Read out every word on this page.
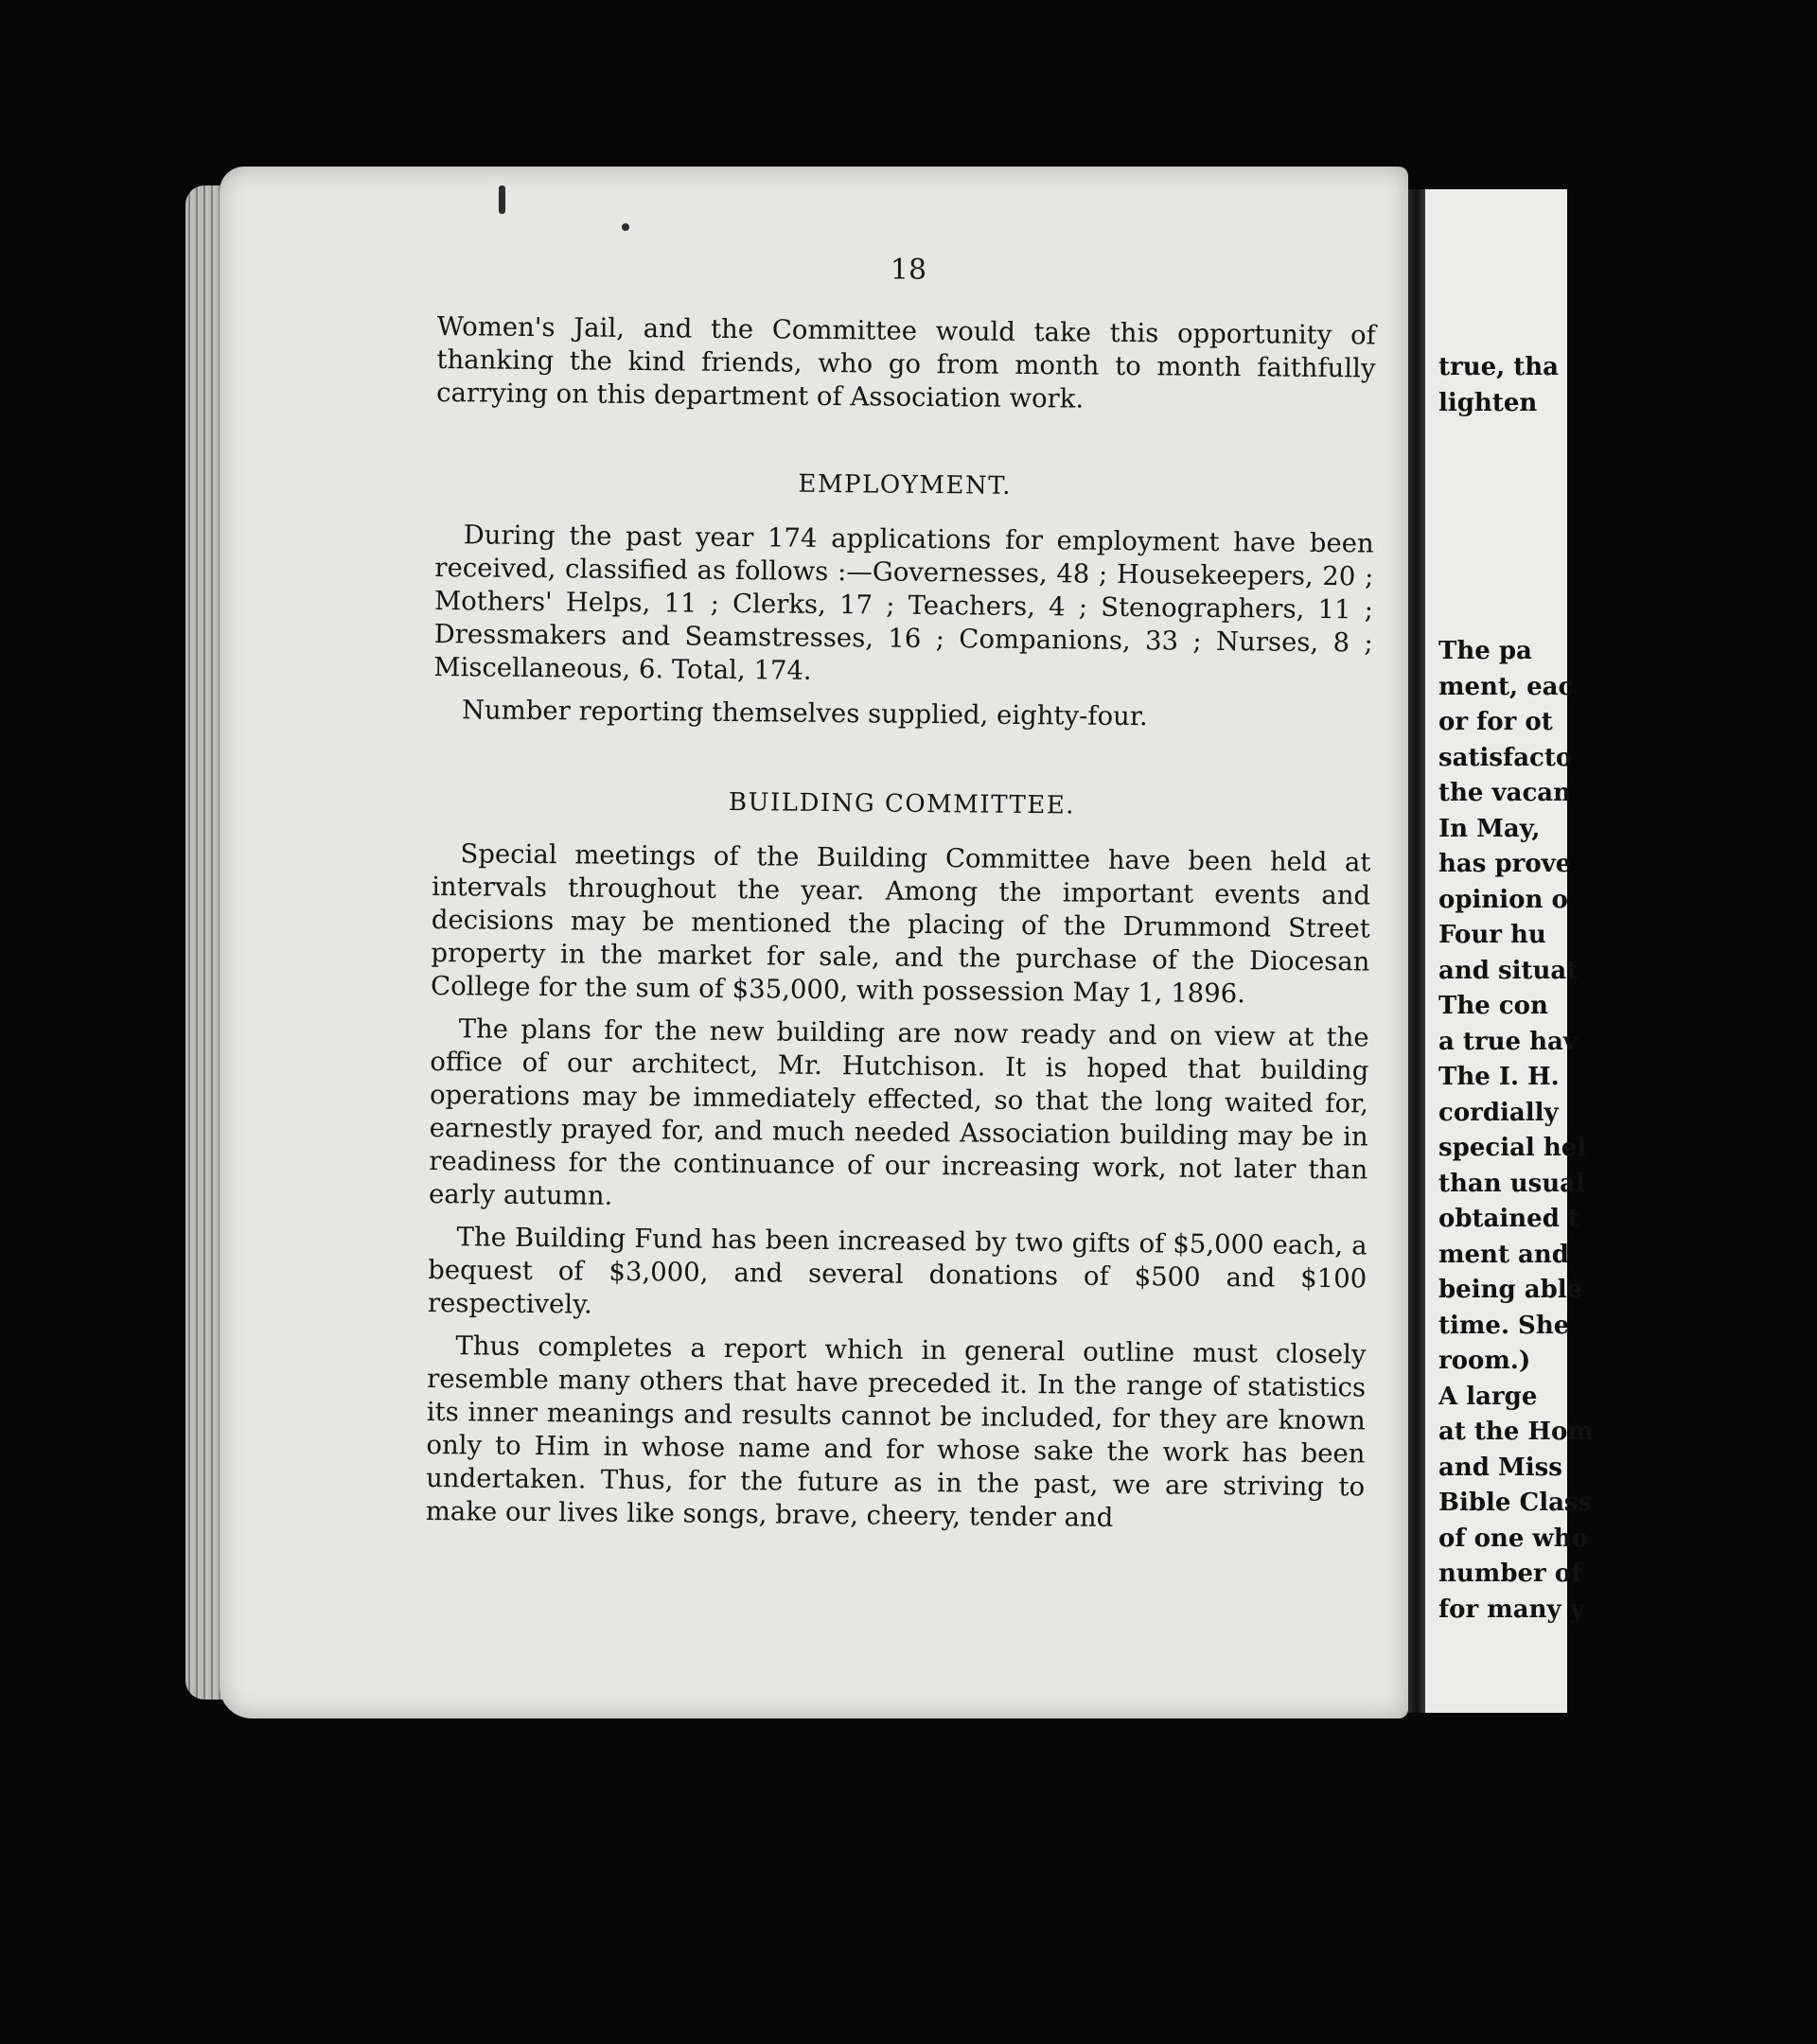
18

Women's Jail, and the Committee would take this opportunity of thanking the kind friends, who go from month to month faithfully carrying on this department of Association work.

EMPLOYMENT.

During the past year 174 applications for employment have been received, classified as follows :—Governesses, 48 ; Housekeepers, 20 ; Mothers' Helps, 11 ; Clerks, 17 ; Teachers, 4 ; Stenographers, 11 ; Dressmakers and Seamstresses, 16 ; Companions, 33 ; Nurses, 8 ; Miscellaneous, 6. Total, 174.

Number reporting themselves supplied, eighty-four.

BUILDING COMMITTEE.

Special meetings of the Building Committee have been held at intervals throughout the year. Among the important events and decisions may be mentioned the placing of the Drummond Street property in the market for sale, and the purchase of the Diocesan College for the sum of $35,000, with possession May 1, 1896.

The plans for the new building are now ready and on view at the office of our architect, Mr. Hutchison. It is hoped that building operations may be immediately effected, so that the long waited for, earnestly prayed for, and much needed Association building may be in readiness for the continuance of our increasing work, not later than early autumn.

The Building Fund has been increased by two gifts of $5,000 each, a bequest of $3,000, and several donations of $500 and $100 respectively.

Thus completes a report which in general outline must closely resemble many others that have preceded it. In the range of statistics its inner meanings and results cannot be included, for they are known only to Him in whose name and for whose sake the work has been undertaken. Thus, for the future as in the past, we are striving to make our lives like songs, brave, cheery, tender and

true, tha
lighten
The pa
ment, eac
or for ot
satisfacto
the vacan
In May,
has prove
opinion o
Four hu
and situat
The con
a true hav
The I. H.
cordially
special hel
than usual
obtained t
ment and
being able
time. She
room.)
A large
at the Hom
and Miss
Bible Class
of one who
number of
for many y
